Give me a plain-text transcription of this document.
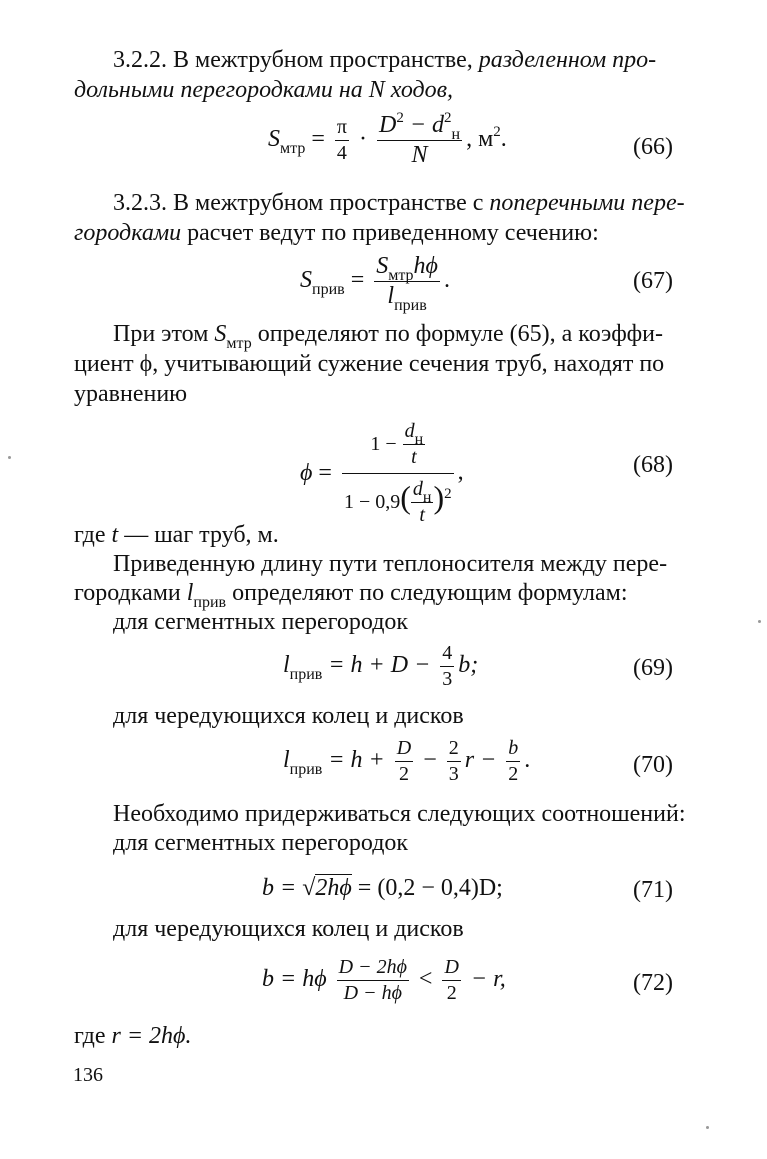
3.2.2. В межтрубном пространстве, разделенном про-
дольными перегородками на N ходов,
$S_{мтр} = \frac{\pi}{4} \cdot \frac{D^2 - d^2_н}{N}$ , $м^2$.	(66)
3.2.3. В межтрубном пространстве с поперечными пере-
городками расчет ведут по приведенному сечению:
$S_{прив} = \frac{S_{мтр}h\phi}{l_{прив}}$ .	(67)
При этом $S_{мтр}$ определяют по формуле (65), а коэффи-
циент ϕ, учитывающий сужение сечения труб, находят по
уравнению
$\phi = \frac{1 - \frac{d_н}{t}}{1 - 0,9( \frac{d_н}{t} )^2}$ ,	(68)
где t — шаг труб, м.
Приведенную длину пути теплоносителя между пере-
городками $l_{прив}$ определяют по следующим формулам:
для сегментных перегородок
$l_{прив} = h + D - \frac{4}{3} b$;	(69)
для чередующихся колец и дисков
$l_{прив} = h + \frac{D}{2} - \frac{2}{3}$ $r - \frac{b}{2}$ .	(70)
Необходимо придерживаться следующих соотношений:
для сегментных перегородок
b = √2hϕ = (0,2 − 0,4)D;	(71)
для чередующихся колец и дисков
b = hϕ $\frac{D - 2h\phi}{D - h\phi} < \frac{D}{2} - r$,	(72)
где r = 2hϕ.
136
